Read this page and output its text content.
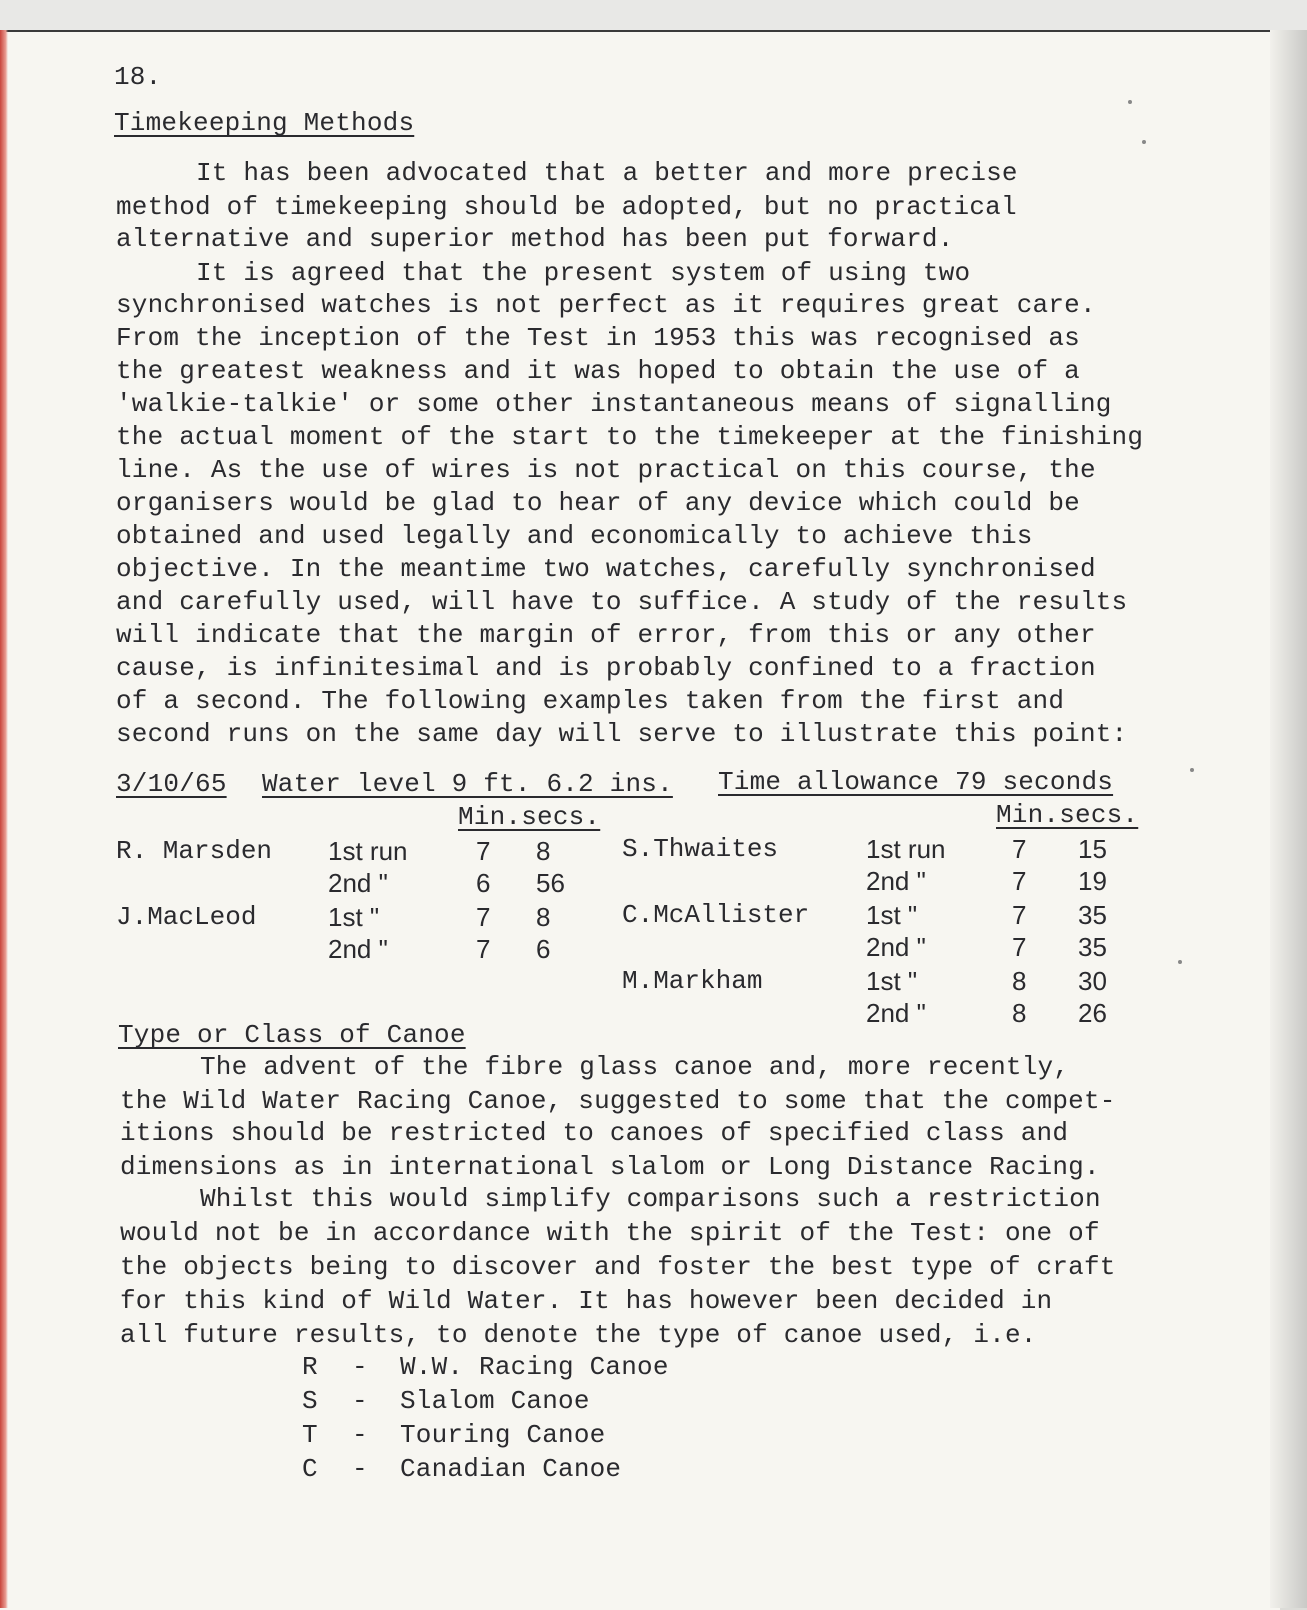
18.
Timekeeping Methods
It has been advocated that a better and more precise
method of timekeeping should be adopted, but no practical
alternative and superior method has been put forward.
It is agreed that the present system of using two
synchronised watches is not perfect as it requires great care.
From the inception of the Test in 1953 this was recognised as
the greatest weakness and it was hoped to obtain the use of a
'walkie-talkie' or some other instantaneous means of signalling
the actual moment of the start to the timekeeper at the finishing
line. As the use of wires is not practical on this course, the
organisers would be glad to hear of any device which could be
obtained and used legally and economically to achieve this
objective. In the meantime two watches, carefully synchronised
and carefully used, will have to suffice. A study of the results
will indicate that the margin of error, from this or any other
cause, is infinitesimal and is probably confined to a fraction
of a second. The following examples taken from the first and
second runs on the same day will serve to illustrate this point:
3/10/65 Water level 9 ft. 6.2 ins. Time allowance 79 seconds
Min.secs.	Min.secs.
R. Marsden 1st run	7 8
2nd "	6 56
J.MacLeod	1st "	7 8
2nd "	7 6
S.Thwaites	1st run	7 15
2nd "	7 19
C.McAllister 1st "	7 35
2nd "	7 35
M.Markham	1st "	8 30
2nd "	8 26
Type or Class of Canoe
The advent of the fibre glass canoe and, more recently,
the Wild Water Racing Canoe, suggested to some that the compet-
itions should be restricted to canoes of specified class and
dimensions as in international slalom or Long Distance Racing.
Whilst this would simplify comparisons such a restriction
would not be in accordance with the spirit of the Test: one of
the objects being to discover and foster the best type of craft
for this kind of Wild Water. It has however been decided in
all future results, to denote the type of canoe used, i.e.
R - W.W. Racing Canoe
S - Slalom Canoe
T - Touring Canoe
C - Canadian Canoe
